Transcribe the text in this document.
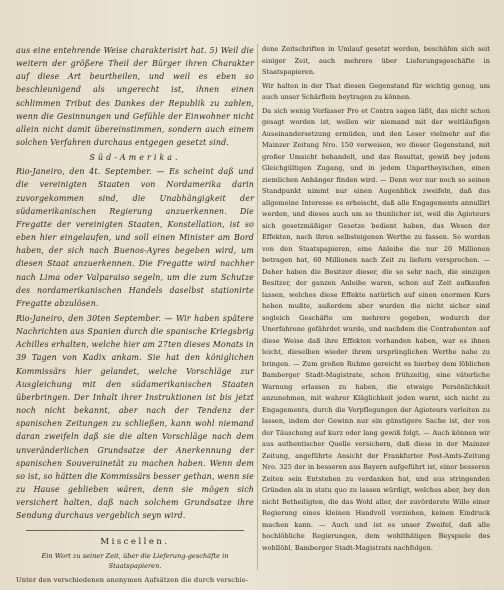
aus eine entehrende Weise charakterisirt hat. 5) Weil die weitern der größere Theil der Bürger ihren Charakter auf diese Art beurtheilen, und weil es eben so beschleunigend als ungerecht ist, ihnen einen schlimmen Tribut des Dankes der Republik zu zahlen, wenn die Gesinnungen und Gefühle der Einwohner nicht allein nicht damit übereinstimmen, sondern auch einem solchen Verfahren durchaus entgegen gesetzt sind.

Süd-Amerika.

Rio-Janeiro, den 4t. September. — Es scheint daß und die vereinigten Staaten von Nordamerika darin zuvorgekommen sind, die Unabhängigkeit der südamerikanischen Regierung anzuerkennen. Die Fregatte der vereinigten Staaten, Konstellation, ist so eben hier eingelaufen, und soll einen Minister am Bord haben, der sich nach Buenos-Ayres begeben wird, um diesen Staat anzuerkennen. Die Fregatte wird nachher nach Lima oder Valparaiso segeln, um die zum Schutze des nordamerikanischen Handels daselbst stationirte Fregatte abzulösen.

Rio-Janeiro, den 30ten September. — Wir haben spätere Nachrichten aus Spanien durch die spanische Kriegsbrig Achilles erhalten, welche hier am 27ten dieses Monats in 39 Tagen von Kadix ankam. Sie hat den königlichen Kommissärs hier gelandet, welche Vorschläge zur Ausgleichung mit den südamerikanischen Staaten überbringen. Der Inhalt ihrer Instruktionen ist bis jetzt noch nicht bekannt, aber nach der Tendenz der spanischen Zeitungen zu schließen, kann wohl niemand daran zweifeln daß sie die alten Vorschläge nach dem unveränderlichen Grundsatze der Anerkennung der spanischen Souverainetät zu machen haben. Wenn dem so ist, so hätten die Kommissärs besser gethan, wenn sie zu Hause geblieben wären, denn sie mögen sich versichert halten, daß nach solchem Grundsatze ihre Sendung durchaus vergeblich seyn wird.

Miscellen.
Ein Wort zu seiner Zeit, über die Lieferung-geschäfte in Staatspapieren.

Unter den verschiedenen anonymen Aufsätzen die durch verschie-

dene Zeitschriften in Umlauf gesetzt werden, beschäfen sich seit einiger Zeit, auch mehrere über Lieferungsgeschäfte in Staatspapieren.

Wir halten in der That diesen Gegenstand für wichtig genug, um auch unser Schärflein beytragen zu können.

Da sich wenig Verfasser Pro et Contra sagen läßt, das nicht schon gesagt worden ist, wollen wir niemand mit der weitläufigen Auseinandersetzung ermüden, und den Leser vielmehr auf die Mainzer Zeitung Nro. 150 verweisen, wo dieser Gegenstand, mit großer Umsicht behandelt, und das Resultat, gewiß bey jedem Gleichgültigen Zugang, und in jedem Unpartheyischen, einen ziemlichen Anhänger finden wird. — Denn wer nur noch so seinen Standpunkt nimmt nur einen Augenblick zweifeln, daß das allgemeine Interesse es erheischt, daß alle Engagements annullirt werden, und dieses auch um so thunlicher ist, weil die Agioteurs sich gesetzmäßiger Gesetze bedient haben, das Wesen der Effekten, nach ihren selbsteigenen Werthe zu fassen. So wurden von den Staatspapieren, eine Anleihe die nur 20 Millionen betragen hat, 60 Millionen nach Zeit zu liefern versprochen. — Daher haben die Besitzer dieser, die so sehr nach, die einzigen Besitzer, der ganzen Anleihe waren, schon auf Zeit aufkaufen lassen, welches diese Effekte natürlich auf einen enormen Kurs heben mußte, außerdem aber wurden die nicht sicher sind sogleich Geschäfte um mehrere gegeben, wodurch der Unerfahrene gefährdet wurde, und nachdem die Contrahenten auf diese Weise daß ihre Effekten vorhanden haben, war es ihnen leicht, dieselben wieder ihrem ursprünglichen Werthe nahe zu bringen. — Zum großen Ruhme gereicht es hierbey dem löblichen Bamberger Stadt-Magistrate, schon frühzeitig, eine väterliche Warnung erlassen zu haben, die etwaige Persönlichkeit anzunehmen, mit wahrer Kläglichkeit jeden warnt, sich nicht zu Engagements, durch die Verpflegungen der Agioteurs verleiten zu lassen, indem der Gewinn nur ein günstigere Sache ist, der von der Täuschung auf kurz oder lang gewiß folgt. — Auch können wir aus authentischer Quelle versichern, daß diese in der Mainzer Zeitung, angeführte Ansicht der Frankfurter Post-Amts-Zeitung Nro. 325 der in besseren aus Bayern aufgeführt ist, einer besseren Zeiten sein Entstehen zu verdanken hat, und aus stringenden Gründen als in statu quo zu lassen würdigt, welches aber, bey den nicht Betheiligten, die das Wohl aller, der zuvörderste Wille einer Regierung eines kleinen Handvoll vorziehen, keinen Eindruck machen kann. — Auch und ist es unser Zweifel, daß alle hochlöbliche Regierungen, dem wohlthätigen Beyspiele des wohllöbl. Bamberger Stadt-Magistrats nachfolgen.
